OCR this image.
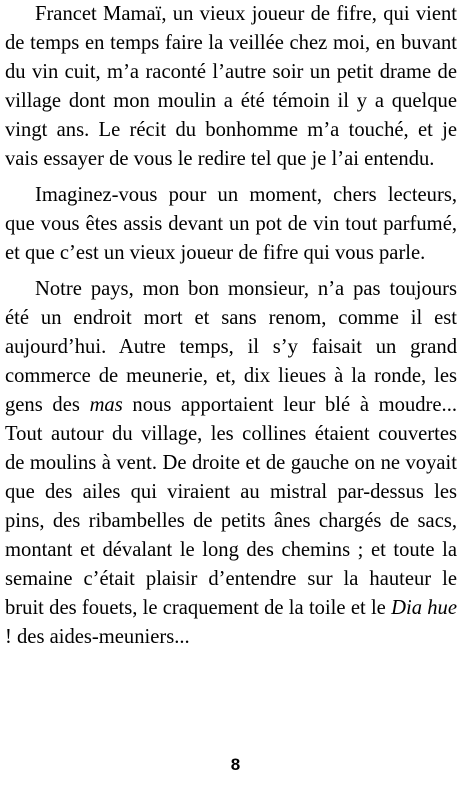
Francet Mamaï, un vieux joueur de fifre, qui vient de temps en temps faire la veillée chez moi, en buvant du vin cuit, m’a raconté l’autre soir un petit drame de village dont mon moulin a été témoin il y a quelque vingt ans. Le récit du bonhomme m’a touché, et je vais essayer de vous le redire tel que je l’ai entendu.

Imaginez-vous pour un moment, chers lecteurs, que vous êtes assis devant un pot de vin tout parfumé, et que c’est un vieux joueur de fifre qui vous parle.

Notre pays, mon bon monsieur, n’a pas toujours été un endroit mort et sans renom, comme il est aujourd’hui. Autre temps, il s’y faisait un grand commerce de meunerie, et, dix lieues à la ronde, les gens des mas nous apportaient leur blé à moudre... Tout autour du village, les collines étaient couvertes de moulins à vent. De droite et de gauche on ne voyait que des ailes qui viraient au mistral par-dessus les pins, des ribambelles de petits ânes chargés de sacs, montant et dévalant le long des chemins ; et toute la semaine c’était plaisir d’entendre sur la hauteur le bruit des fouets, le craquement de la toile et le Dia hue ! des aides-meuniers...

8
